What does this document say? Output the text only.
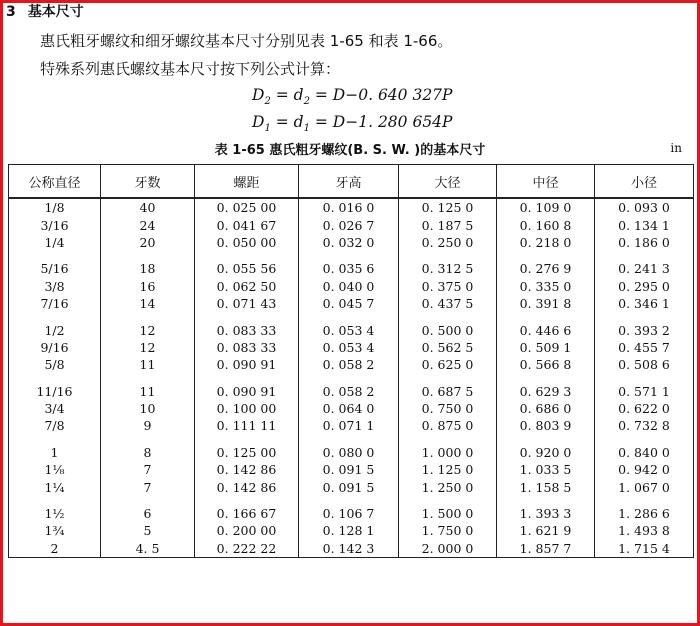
3 基本尺寸
惠氏粗牙螺纹和细牙螺纹基本尺寸分别见表 1-65 和表 1-66。
特殊系列惠氏螺纹基本尺寸按下列公式计算：
$D_2 = d_2 = D-0$. 640 327P
$D_1 = d_1 = D-1$. 280 654P
表 1-65 惠氏粗牙螺纹(B. S. W. )的基本尺寸	in
公称直径	牙数	螺距	牙高	大径	中径	小径
1/8	40	0. 025 00	0. 016 0	0. 125 0	0. 109 0	0. 093 0
3/16	24	0. 041 67	0. 026 7	0. 187 5	0. 160 8	0. 134 1
1/4	20	0. 050 00	0. 032 0	0. 250 0	0. 218 0	0. 186 0

5/16	18	0. 055 56	0. 035 6	0. 312 5	0. 276 9	0. 241 3
3/8	16	0. 062 50	0. 040 0	0. 375 0	0. 335 0	0. 295 0
7/16	14	0. 071 43	0. 045 7	0. 437 5	0. 391 8	0. 346 1

1/2	12	0. 083 33	0. 053 4	0. 500 0	0. 446 6	0. 393 2
9/16	12	0. 083 33	0. 053 4	0. 562 5	0. 509 1	0. 455 7
5/8	11	0. 090 91	0. 058 2	0. 625 0	0. 566 8	0. 508 6

11/16	11	0. 090 91	0. 058 2	0. 687 5	0. 629 3	0. 571 1
3/4	10	0. 100 00	0. 064 0	0. 750 0	0. 686 0	0. 622 0
7/8	9	0. 111 11	0. 071 1	0. 875 0	0. 803 9	0. 732 8

1	8	0. 125 00	0. 080 0	1. 000 0	0. 920 0	0. 840 0
1⅛	7	0. 142 86	0. 091 5	1. 125 0	1. 033 5	0. 942 0
1¼	7	0. 142 86	0. 091 5	1. 250 0	1. 158 5	1. 067 0

1½	6	0. 166 67	0. 106 7	1. 500 0	1. 393 3	1. 286 6
1¾	5	0. 200 00	0. 128 1	1. 750 0	1. 621 9	1. 493 8
2	4. 5	0. 222 22	0. 142 3	2. 000 0	1. 857 7	1. 715 4
